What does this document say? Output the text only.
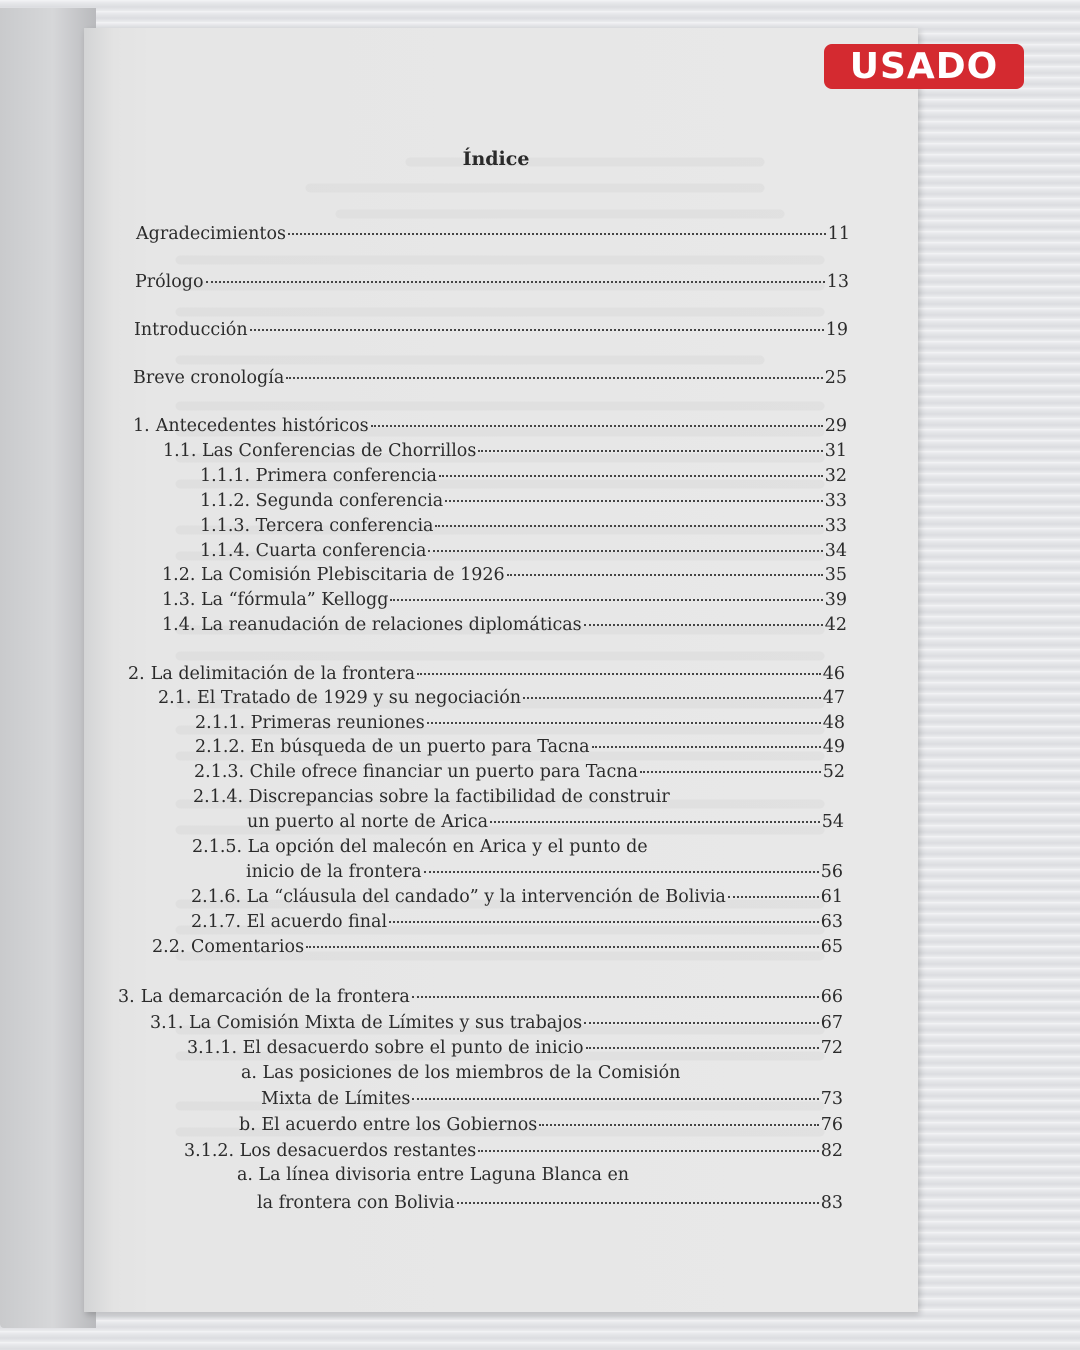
USADO
Índice
Agradecimientos	11
Prólogo	13
Introducción	19
Breve cronología	25
1. Antecedentes históricos	29
1.1. Las Conferencias de Chorrillos	31
1.1.1. Primera conferencia	32
1.1.2. Segunda conferencia	33
1.1.3. Tercera conferencia	33
1.1.4. Cuarta conferencia	34
1.2. La Comisión Plebiscitaria de 1926	35
1.3. La “fórmula” Kellogg	39
1.4. La reanudación de relaciones diplomáticas	42
2. La delimitación de la frontera	46
2.1. El Tratado de 1929 y su negociación	47
2.1.1. Primeras reuniones	48
2.1.2. En búsqueda de un puerto para Tacna	49
2.1.3. Chile ofrece financiar un puerto para Tacna	52
2.1.4. Discrepancias sobre la factibilidad de construir
un puerto al norte de Arica	54
2.1.5. La opción del malecón en Arica y el punto de
inicio de la frontera	56
2.1.6. La “cláusula del candado” y la intervención de Bolivia	61
2.1.7. El acuerdo final	63
2.2. Comentarios	65
3. La demarcación de la frontera	66
3.1. La Comisión Mixta de Límites y sus trabajos	67
3.1.1. El desacuerdo sobre el punto de inicio	72
a. Las posiciones de los miembros de la Comisión
Mixta de Límites	73
b. El acuerdo entre los Gobiernos	76
3.1.2. Los desacuerdos restantes	82
a. La línea divisoria entre Laguna Blanca en
la frontera con Bolivia	83
